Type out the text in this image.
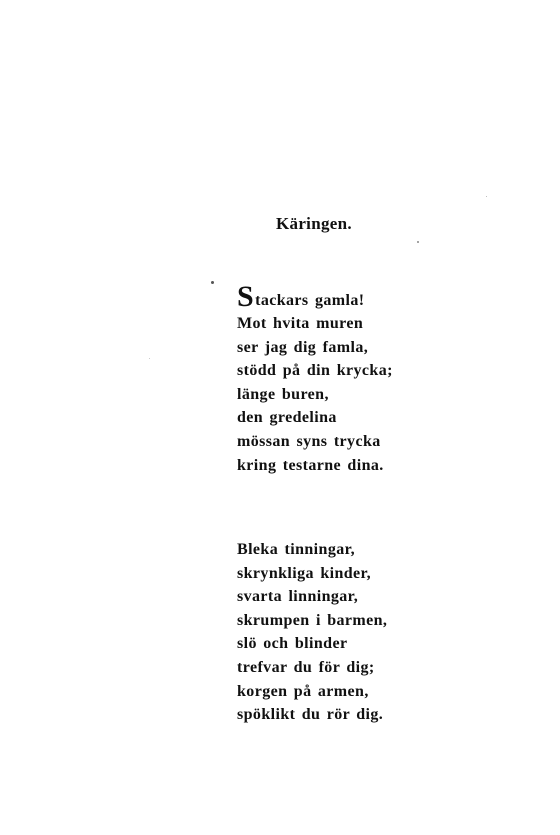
Käringen.
S tackars gamla!
Mot hvita muren
ser jag dig famla,
stödd på din krycka;
länge buren,
den gredelina
mössan syns trycka
kring testarne dina.
Bleka tinningar,
skrynkliga kinder,
svarta linningar,
skrumpen i barmen,
slö och blinder
trefvar du för dig;
korgen på armen,
spöklikt du rör dig.
